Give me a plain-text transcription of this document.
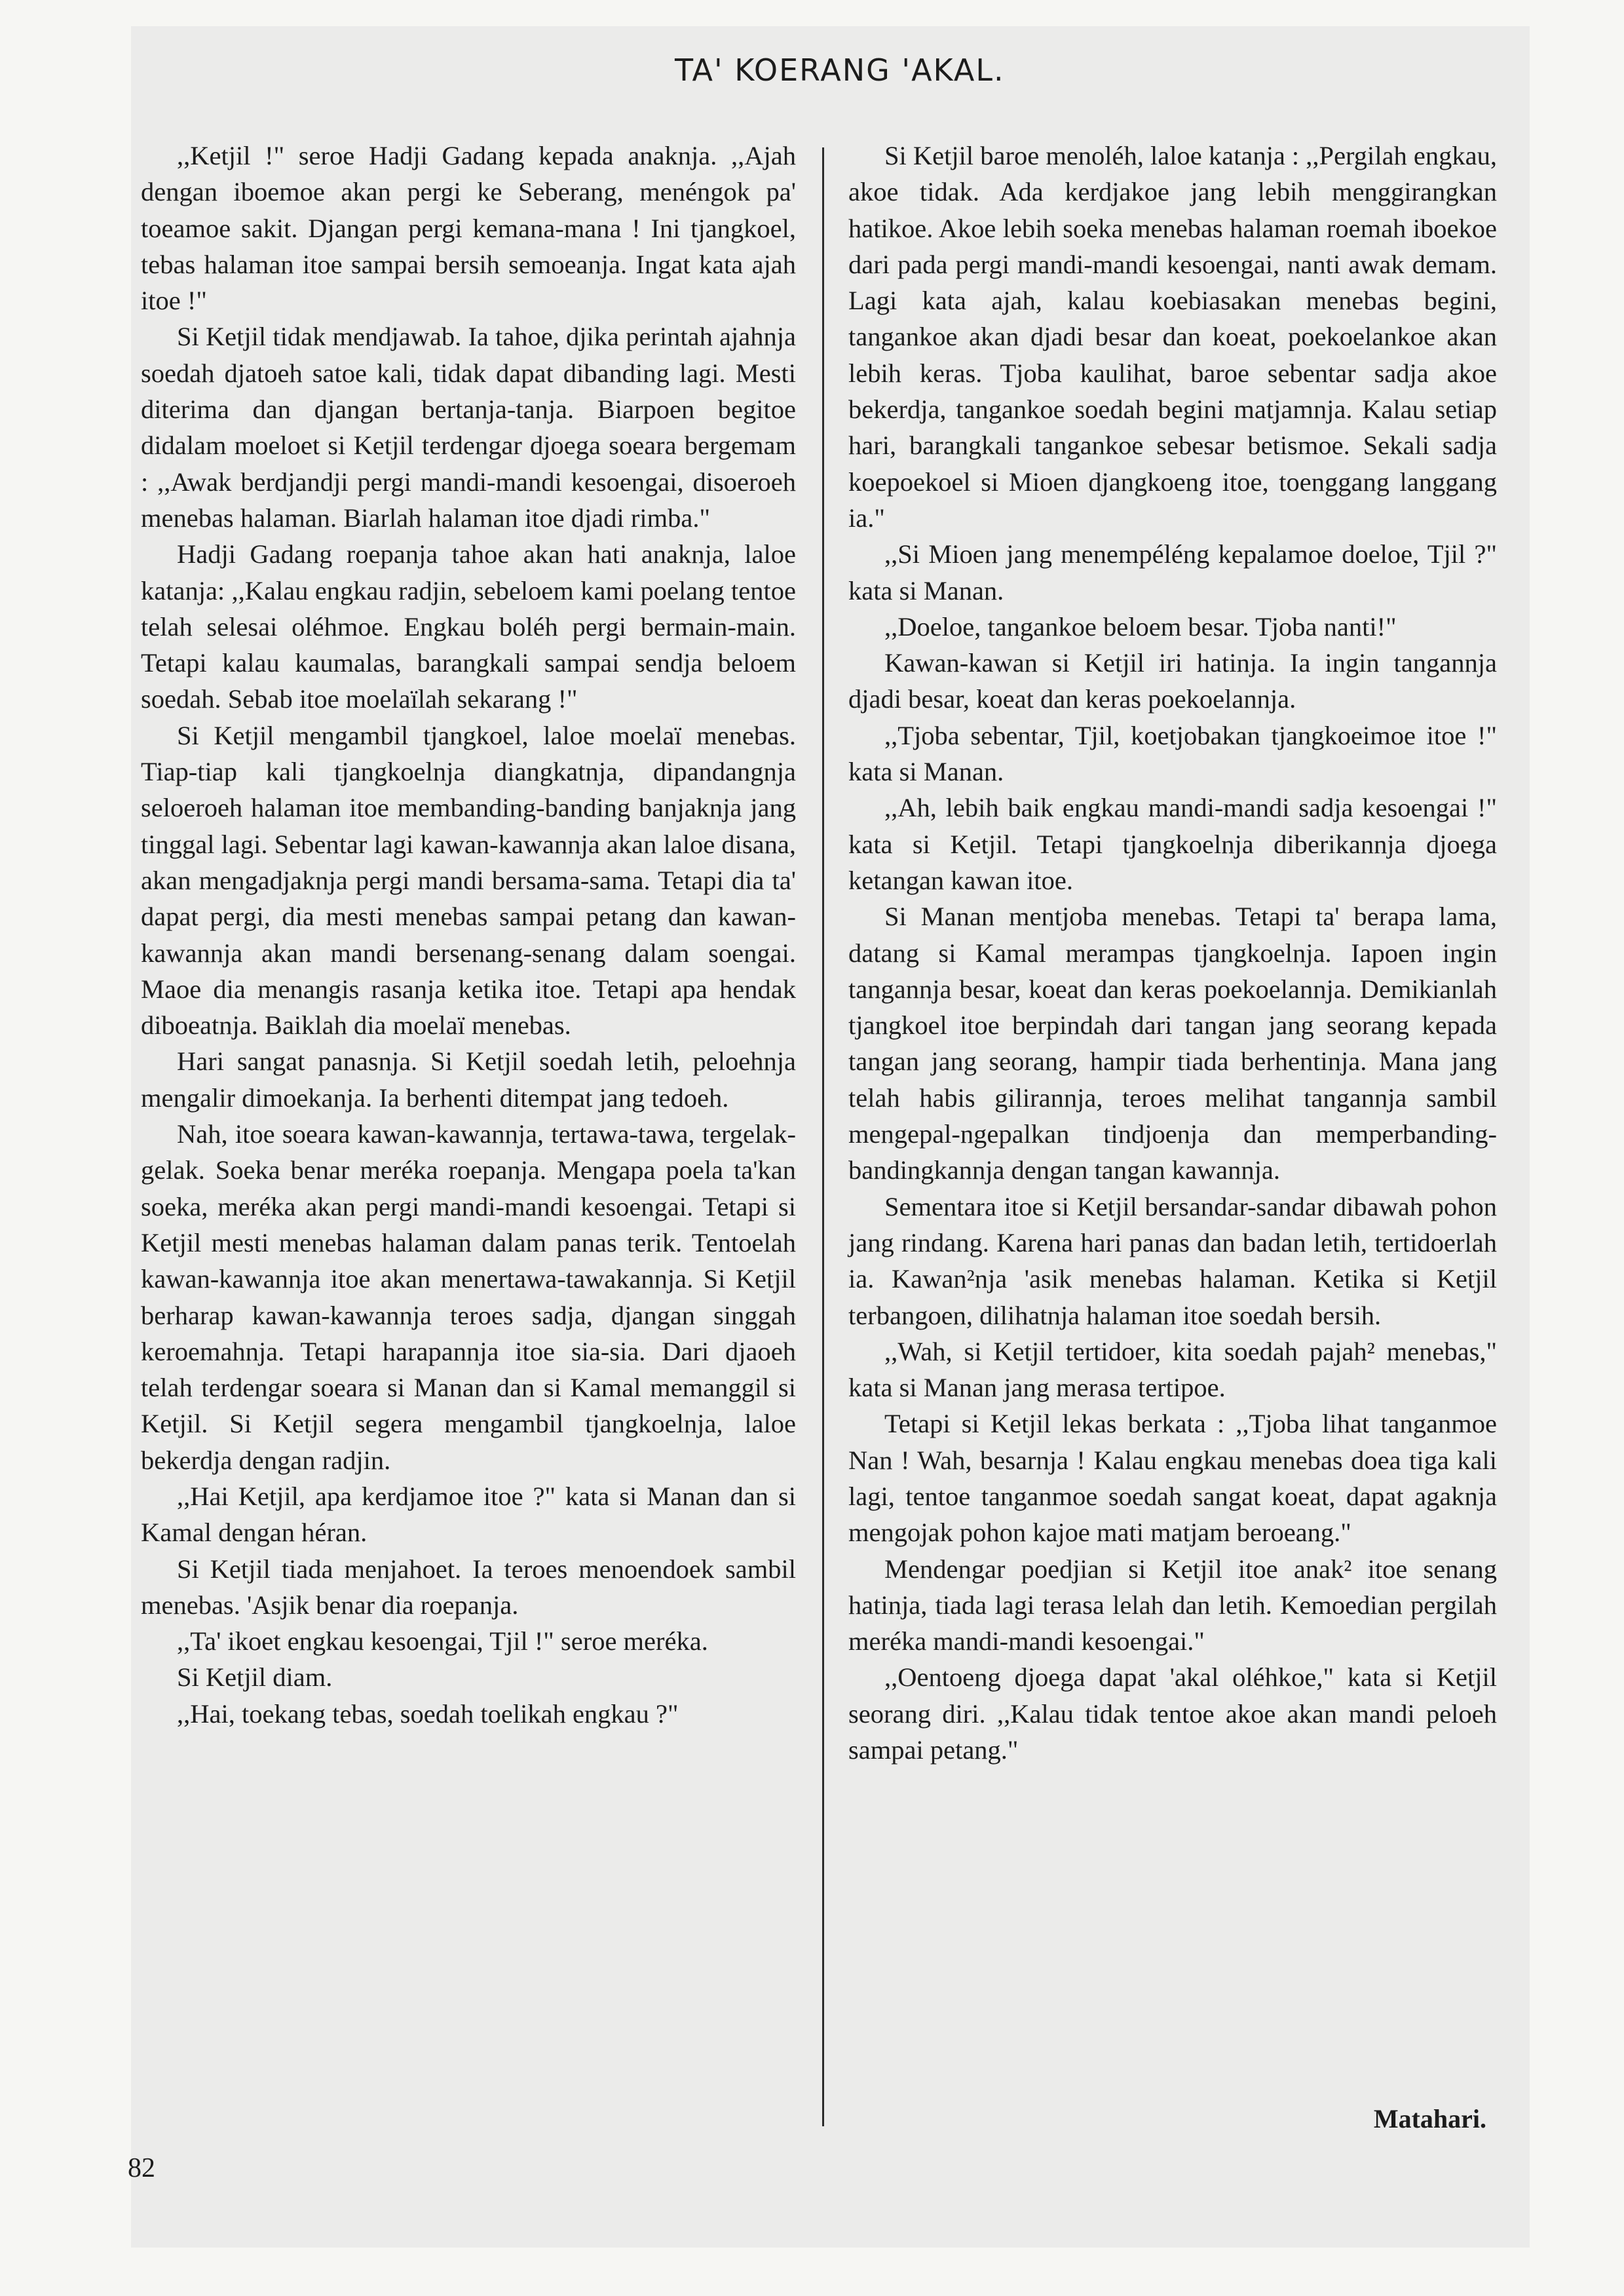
TA' KOERANG 'AKAL.

,,Ketjil !" seroe Hadji Gadang kepada anaknja. ,,Ajah dengan iboemoe akan pergi ke Seberang, menéngok pa' toeamoe sakit. Djangan pergi kemana-mana ! Ini tjangkoel, tebas halaman itoe sampai bersih semoeanja. Ingat kata ajah itoe !"

Si Ketjil tidak mendjawab. Ia tahoe, djika perintah ajahnja soedah djatoeh satoe kali, tidak dapat dibanding lagi. Mesti diterima dan djangan bertanja-tanja. Biarpoen begitoe didalam moeloet si Ketjil terdengar djoega soeara bergemam : ,,Awak berdjandji pergi mandi-mandi kesoengai, disoeroeh menebas halaman. Biarlah halaman itoe djadi rimba."

Hadji Gadang roepanja tahoe akan hati anaknja, laloe katanja: ,,Kalau engkau radjin, sebeloem kami poelang tentoe telah selesai oléhmoe. Engkau boléh pergi bermain-main. Tetapi kalau kaumalas, barangkali sampai sendja beloem soedah. Sebab itoe moelaïlah sekarang !"

Si Ketjil mengambil tjangkoel, laloe moelaï menebas. Tiap-tiap kali tjangkoelnja diangkatnja, dipandangnja seloeroeh halaman itoe membanding-banding banjaknja jang tinggal lagi. Sebentar lagi kawan-kawannja akan laloe disana, akan mengadjaknja pergi mandi bersama-sama. Tetapi dia ta' dapat pergi, dia mesti menebas sampai petang dan kawan-kawannja akan mandi bersenang-senang dalam soengai. Maoe dia menangis rasanja ketika itoe. Tetapi apa hendak diboeatnja. Baiklah dia moelaï menebas.

Hari sangat panasnja. Si Ketjil soedah letih, peloehnja mengalir dimoekanja. Ia berhenti ditempat jang tedoeh.

Nah, itoe soeara kawan-kawannja, tertawa-tawa, tergelak-gelak. Soeka benar meréka roepanja. Mengapa poela ta'kan soeka, meréka akan pergi mandi-mandi kesoengai. Tetapi si Ketjil mesti menebas halaman dalam panas terik. Tentoelah kawan-kawannja itoe akan menertawa-tawakannja. Si Ketjil berharap kawan-kawannja teroes sadja, djangan singgah keroemahnja. Tetapi harapannja itoe sia-sia. Dari djaoeh telah terdengar soeara si Manan dan si Kamal memanggil si Ketjil. Si Ketjil segera mengambil tjangkoelnja, laloe bekerdja dengan radjin.

,,Hai Ketjil, apa kerdjamoe itoe ?" kata si Manan dan si Kamal dengan héran.

Si Ketjil tiada menjahoet. Ia teroes menoendoek sambil menebas. 'Asjik benar dia roepanja.

,,Ta' ikoet engkau kesoengai, Tjil !" seroe meréka.

Si Ketjil diam.

,,Hai, toekang tebas, soedah toelikah engkau ?"

Si Ketjil baroe menoléh, laloe katanja : ,,Pergilah engkau, akoe tidak. Ada kerdjakoe jang lebih menggirangkan hatikoe. Akoe lebih soeka menebas halaman roemah iboekoe dari pada pergi mandi-mandi kesoengai, nanti awak demam. Lagi kata ajah, kalau koebiasakan menebas begini, tangankoe akan djadi besar dan koeat, poekoelankoe akan lebih keras. Tjoba kaulihat, baroe sebentar sadja akoe bekerdja, tangankoe soedah begini matjamnja. Kalau setiap hari, barangkali tangankoe sebesar betismoe. Sekali sadja koepoekoel si Mioen djangkoeng itoe, toenggang langgang ia."

,,Si Mioen jang menempéléng kepalamoe doeloe, Tjil ?" kata si Manan.

,,Doeloe, tangankoe beloem besar. Tjoba nanti!"

Kawan-kawan si Ketjil iri hatinja. Ia ingin tangannja djadi besar, koeat dan keras poekoelannja.

,,Tjoba sebentar, Tjil, koetjobakan tjangkoeimoe itoe !" kata si Manan.

,,Ah, lebih baik engkau mandi-mandi sadja kesoengai !" kata si Ketjil. Tetapi tjangkoelnja diberikannja djoega ketangan kawan itoe.

Si Manan mentjoba menebas. Tetapi ta' berapa lama, datang si Kamal merampas tjangkoelnja. Iapoen ingin tangannja besar, koeat dan keras poekoelannja. Demikianlah tjangkoel itoe berpindah dari tangan jang seorang kepada tangan jang seorang, hampir tiada berhentinja. Mana jang telah habis gilirannja, teroes melihat tangannja sambil mengepal-ngepalkan tindjoenja dan memperbanding-bandingkannja dengan tangan kawannja.

Sementara itoe si Ketjil bersandar-sandar dibawah pohon jang rindang. Karena hari panas dan badan letih, tertidoerlah ia. Kawan²nja 'asik menebas halaman. Ketika si Ketjil terbangoen, dilihatnja halaman itoe soedah bersih.

,,Wah, si Ketjil tertidoer, kita soedah pajah² menebas," kata si Manan jang merasa tertipoe.

Tetapi si Ketjil lekas berkata : ,,Tjoba lihat tanganmoe Nan ! Wah, besarnja ! Kalau engkau menebas doea tiga kali lagi, tentoe tanganmoe soedah sangat koeat, dapat agaknja mengojak pohon kajoe mati matjam beroeang."

Mendengar poedjian si Ketjil itoe anak² itoe senang hatinja, tiada lagi terasa lelah dan letih. Kemoedian pergilah meréka mandi-mandi kesoengai."

,,Oentoeng djoega dapat 'akal oléhkoe," kata si Ketjil seorang diri. ,,Kalau tidak tentoe akoe akan mandi peloeh sampai petang."

Matahari.
82
